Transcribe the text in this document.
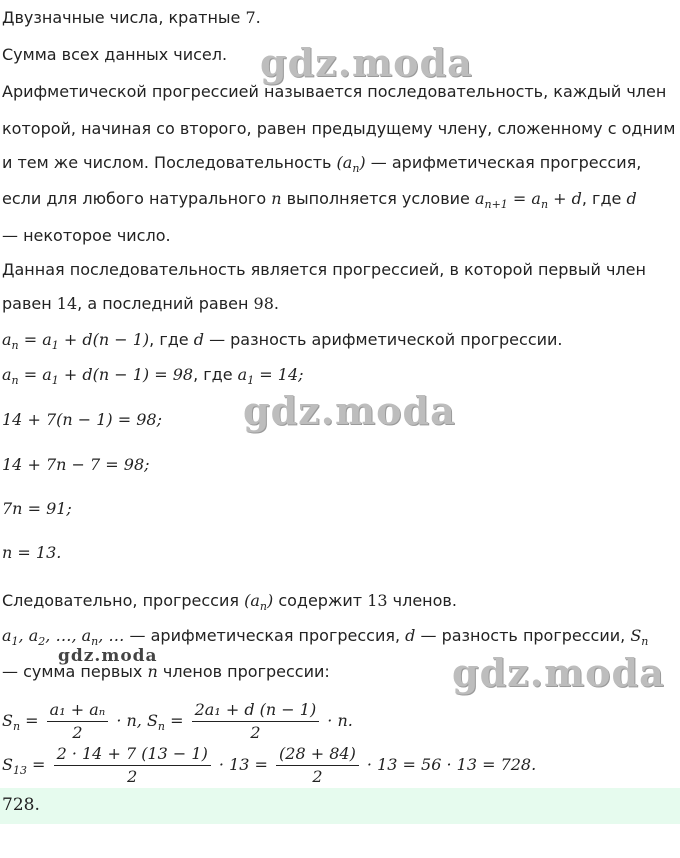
gdz.moda
gdz.moda
gdz.moda
gdz.moda
Двузначные числа, кратные 7.
Сумма всех данных чисел.
Арифметической прогрессией называется последовательность, каждый член
которой, начиная со второго, равен предыдущему члену, сложенному с одним
и тем же числом. Последовательность $(a_n)$ — арифметическая прогрессия,
если для любого натурального n выполняется условие $a_{n+1} = a_n + d$, где d
— некоторое число.
Данная последовательность является прогрессией, в которой первый член
равен 14, а последний равен 98.
$a_n = a_1 + d(n - 1)$, где d — разность арифметической прогрессии.
$a_n = a_1 + d(n - 1) = 98$, где $a_1 = 14$;
14 + 7(n − 1) = 98;
14 + 7n − 7 = 98;
7n = 91;
n = 13.
Следовательно, прогрессия $(a_n)$ содержит 13 членов.
$a_1$, $a_2$, …, $a_n$, … — арифметическая прогрессия, d — разность прогрессии, $S_n$
— сумма первых n членов прогрессии:
$S_n = \frac{\text{a₁ + aₙ}}{2} \cdot n$, $S_n = \frac{\text{2a₁ + d (n − 1)}}{2} \cdot n$.
$S_{13} = \frac{2 \cdot 14 + 7 (13 - 1)}{2} \cdot 13 = \frac{(28 + 84)}{2} \cdot 13 = 56 \cdot 13 = 728$.
728.
